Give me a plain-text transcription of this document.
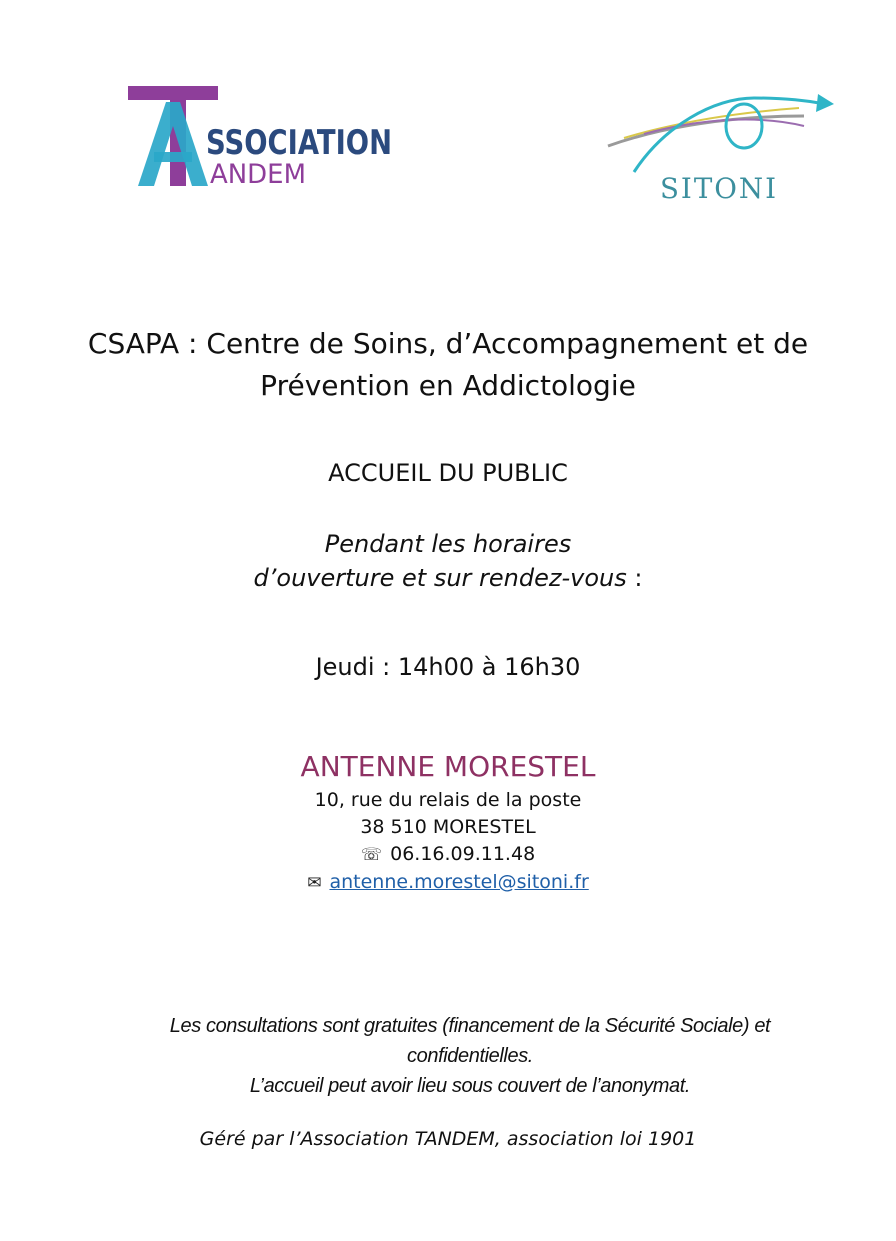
SSOCIATION
ANDEM	SITONI
CSAPA : Centre de Soins, d’Accompagnement et de
Prévention en Addictologie
ACCUEIL DU PUBLIC
Pendant les horaires
d’ouverture et sur rendez-vous :
Jeudi : 14h00 à 16h30
ANTENNE MORESTEL
10, rue du relais de la poste
38 510 MORESTEL
☏ 06.16.09.11.48
✉ antenne.morestel@sitoni.fr
Les consultations sont gratuites (financement de la Sécurité Sociale) et
confidentielles.
L’accueil peut avoir lieu sous couvert de l’anonymat.
Géré par l’Association TANDEM, association loi 1901
